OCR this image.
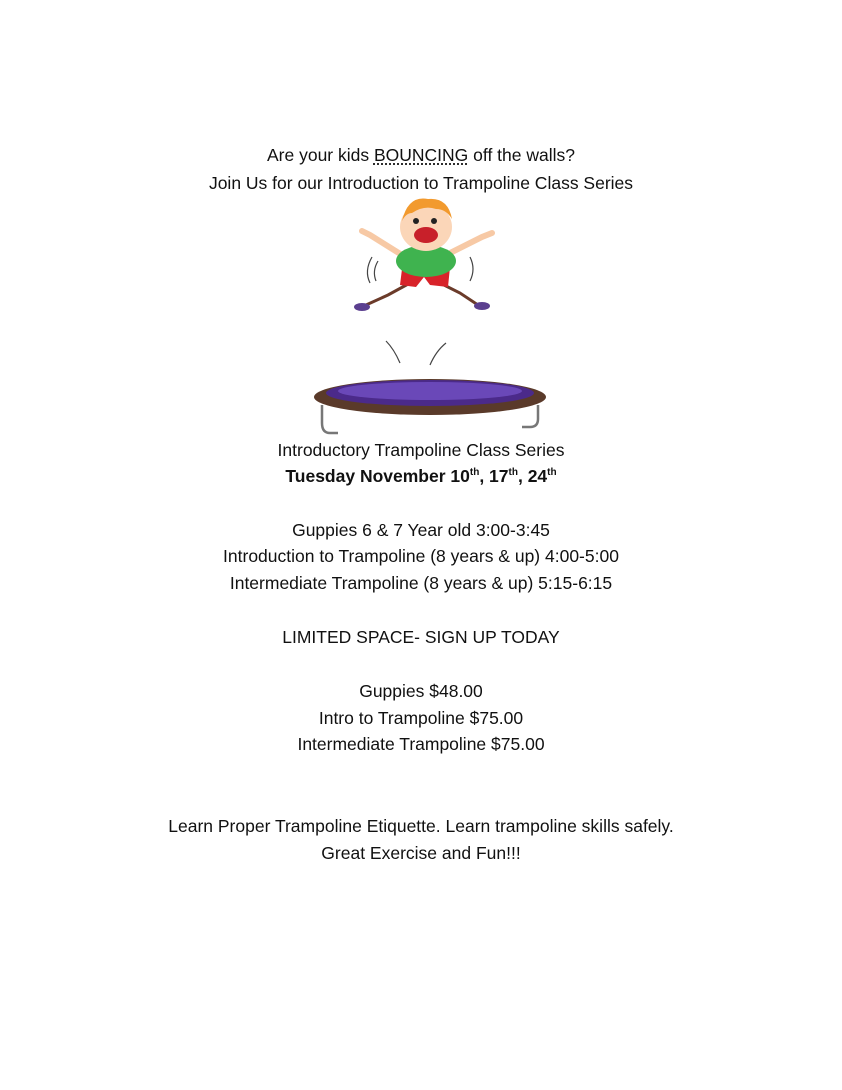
Are your kids BOUNCING off the walls?
Join Us for our Introduction to Trampoline Class Series
Introductory Trampoline Class Series
Tuesday November 10th, 17th, 24th
Guppies 6 & 7 Year old 3:00-3:45
Introduction to Trampoline (8 years & up) 4:00-5:00
Intermediate Trampoline (8 years & up) 5:15-6:15
LIMITED SPACE- SIGN UP TODAY
Guppies $48.00
Intro to Trampoline $75.00
Intermediate Trampoline $75.00
Learn Proper Trampoline Etiquette. Learn trampoline skills safely.
Great Exercise and Fun!!!
